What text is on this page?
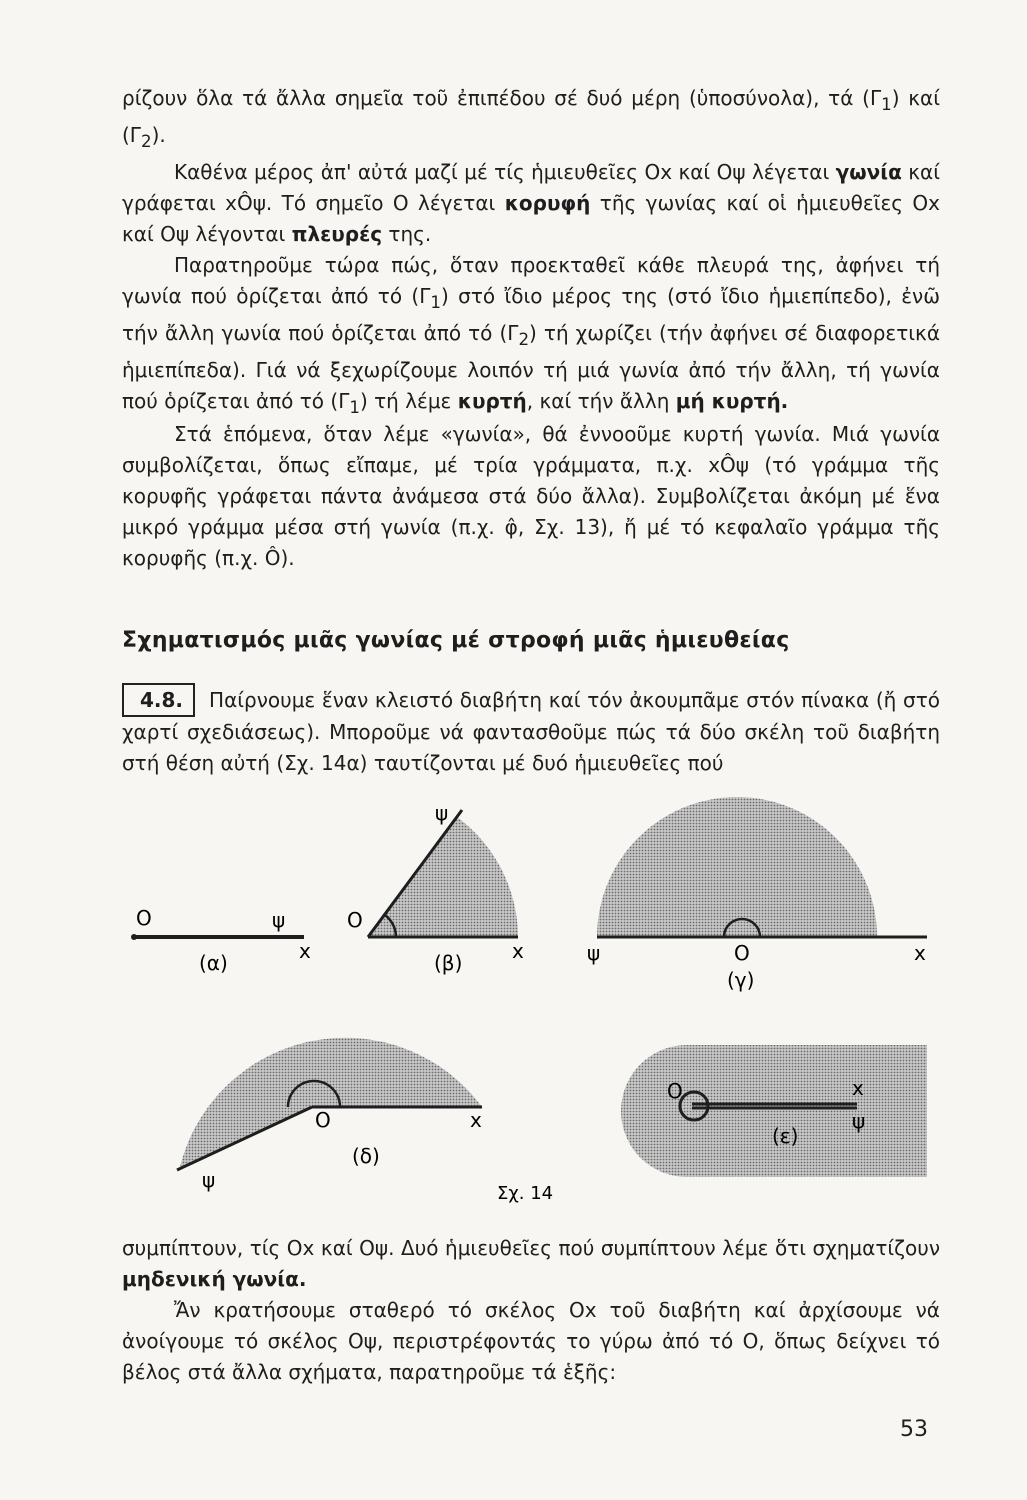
ρίζουν ὅλα τά ἄλλα σημεῖα τοῦ ἐπιπέδου σέ δυό μέρη (ὑποσύνολα), τά $(\Gamma_1)$ καί $(\Gamma_2)$.

Καθένα μέρος ἀπ' αὐτά μαζί μέ τίς ἡμιευθεῖες Οx καί Οψ λέγεται γωνία καί γράφεται xÔψ. Τό σημεῖο Ο λέγεται κορυφή τῆς γωνίας καί οἱ ἡμιευθεῖες Οx καί Οψ λέγονται πλευρές της.

Παρατηροῦμε τώρα πώς, ὅταν προεκταθεῖ κάθε πλευρά της, ἀφήνει τή γωνία πού ὁρίζεται ἀπό τό $(\Gamma_1)$ στό ἴδιο μέρος της (στό ἴδιο ἡμιεπίπεδο), ἐνῶ τήν ἄλλη γωνία πού ὁρίζεται ἀπό τό $(\Gamma_2)$ τή χωρίζει (τήν ἀφήνει σέ διαφορετικά ἡμιεπίπεδα). Γιά νά ξεχωρίζουμε λοιπόν τή μιά γωνία ἀπό τήν ἄλλη, τή γωνία πού ὁρίζεται ἀπό τό $(\Gamma_1)$ τή λέμε κυρτή, καί τήν ἄλλη μή κυρτή.

Στά ἑπόμενα, ὅταν λέμε «γωνία», θά ἐννοοῦμε κυρτή γωνία. Μιά γωνία συμβολίζεται, ὅπως εἴπαμε, μέ τρία γράμματα, π.χ. xÔψ (τό γράμμα τῆς κορυφῆς γράφεται πάντα ἀνάμεσα στά δύο ἄλλα). Συμβολίζεται ἀκόμη μέ ἕνα μικρό γράμμα μέσα στή γωνία (π.χ. φ̂, Σχ. 13), ἤ μέ τό κεφαλαῖο γράμμα τῆς κορυφῆς (π.χ. Ô).

Σχηματισμός μιᾶς γωνίας μέ στροφή μιᾶς ἡμιευθείας
4.8. Παίρνουμε ἕναν κλειστό διαβήτη καί τόν ἀκουμπᾶμε στόν πίνακα (ἤ στό χαρτί σχεδιάσεως). Μποροῦμε νά φαντασθοῦμε πώς τά δύο σκέλη τοῦ διαβήτη στή θέση αὐτή (Σχ. 14α) ταυτίζονται μέ δυό ἡμιευθεῖες πού
Ο	ψ
x
(α)
Ο
ψ
x
(β)	ψ	Ο	x
(γ)
Ο	x
ψ
(δ)
Ο	x
ψ
(ε)
Σχ. 14

συμπίπτουν, τίς Οx καί Οψ. Δυό ἡμιευθεῖες πού συμπίπτουν λέμε ὅτι σχηματίζουν μηδενική γωνία.

Ἄν κρατήσουμε σταθερό τό σκέλος Οx τοῦ διαβήτη καί ἀρχίσουμε νά ἀνοίγουμε τό σκέλος Οψ, περιστρέφοντάς το γύρω ἀπό τό Ο, ὅπως δείχνει τό βέλος στά ἄλλα σχήματα, παρατηροῦμε τά ἑξῆς:

53
